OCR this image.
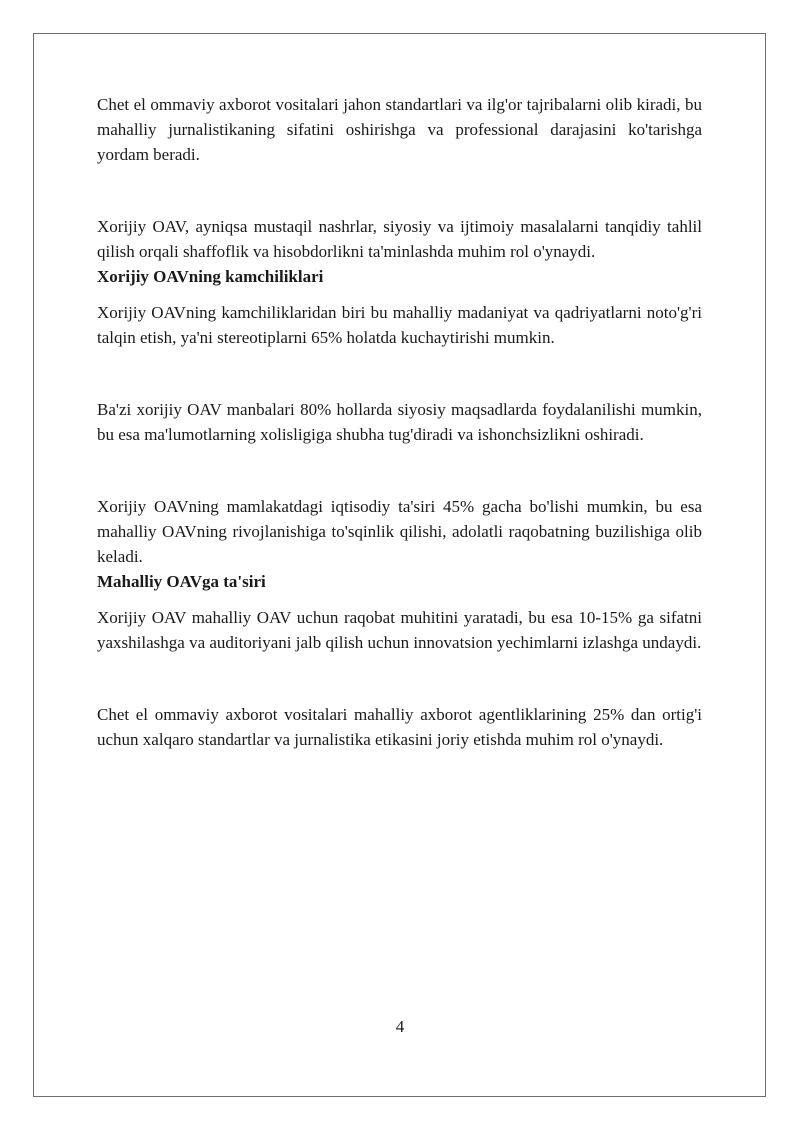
Chet el ommaviy axborot vositalari jahon standartlari va ilg'or tajribalarni olib kiradi, bu mahalliy jurnalistikaning sifatini oshirishga va professional darajasini ko'tarishga yordam beradi.

Xorijiy OAV, ayniqsa mustaqil nashrlar, siyosiy va ijtimoiy masalalarni tanqidiy tahlil qilish orqali shaffoflik va hisobdorlikni ta'minlashda muhim rol o'ynaydi.

Xorijiy OAVning kamchiliklari

Xorijiy OAVning kamchiliklaridan biri bu mahalliy madaniyat va qadriyatlarni noto'g'ri talqin etish, ya'ni stereotiplarni 65% holatda kuchaytirishi mumkin.

Ba'zi xorijiy OAV manbalari 80% hollarda siyosiy maqsadlarda foydalanilishi mumkin, bu esa ma'lumotlarning xolisligiga shubha tug'diradi va ishonchsizlikni oshiradi.

Xorijiy OAVning mamlakatdagi iqtisodiy ta'siri 45% gacha bo'lishi mumkin, bu esa mahalliy OAVning rivojlanishiga to'sqinlik qilishi, adolatli raqobatning buzilishiga olib keladi.

Mahalliy OAVga ta'siri

Xorijiy OAV mahalliy OAV uchun raqobat muhitini yaratadi, bu esa 10-15% ga sifatni yaxshilashga va auditoriyani jalb qilish uchun innovatsion yechimlarni izlashga undaydi.

Chet el ommaviy axborot vositalari mahalliy axborot agentliklarining 25% dan ortig'i uchun xalqaro standartlar va jurnalistika etikasini joriy etishda muhim rol o'ynaydi.

4
